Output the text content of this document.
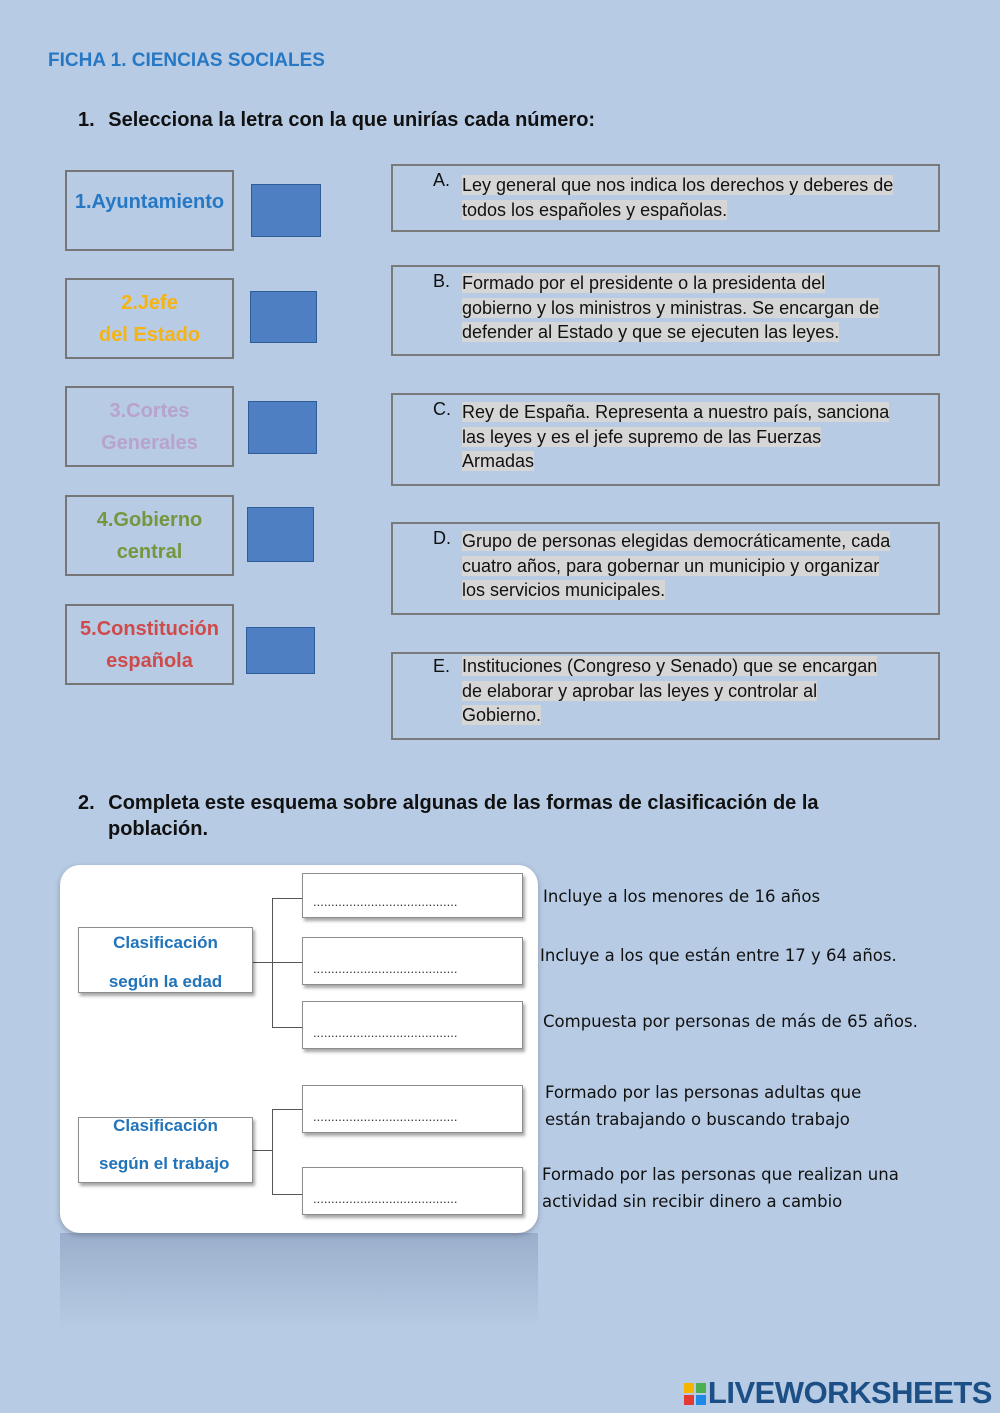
FICHA 1. CIENCIAS SOCIALES
1. Selecciona la letra con la que unirías cada número:
1.Ayuntamiento
2.Jefe
del Estado
3.Cortes
Generales
4.Gobierno
central
5.Constitución
española
A. Ley general que nos indica los derechos y deberes de
todos los españoles y españolas.
B. Formado por el presidente o la presidenta del
gobierno y los ministros y ministras. Se encargan de
defender al Estado y que se ejecuten las leyes.
C. Rey de España. Representa a nuestro país, sanciona
las leyes y es el jefe supremo de las Fuerzas
Armadas
D. Grupo de personas elegidas democráticamente, cada
cuatro años, para gobernar un municipio y organizar
los servicios municipales.
E. Instituciones (Congreso y Senado) que se encargan
de elaborar y aprobar las leyes y controlar al
Gobierno.
2. Completa este esquema sobre algunas de las formas de clasificación de la
población.
Clasificación
según la edad
Clasificación
según el trabajo
........................................
........................................
........................................
........................................
........................................
Incluye a los menores de 16 años
Incluye a los que están entre 17 y 64 años.
Compuesta por personas de más de 65 años.
Formado por las personas adultas que
están trabajando o buscando trabajo
Formado por las personas que realizan una
actividad sin recibir dinero a cambio
LIVEWORKSHEETS
